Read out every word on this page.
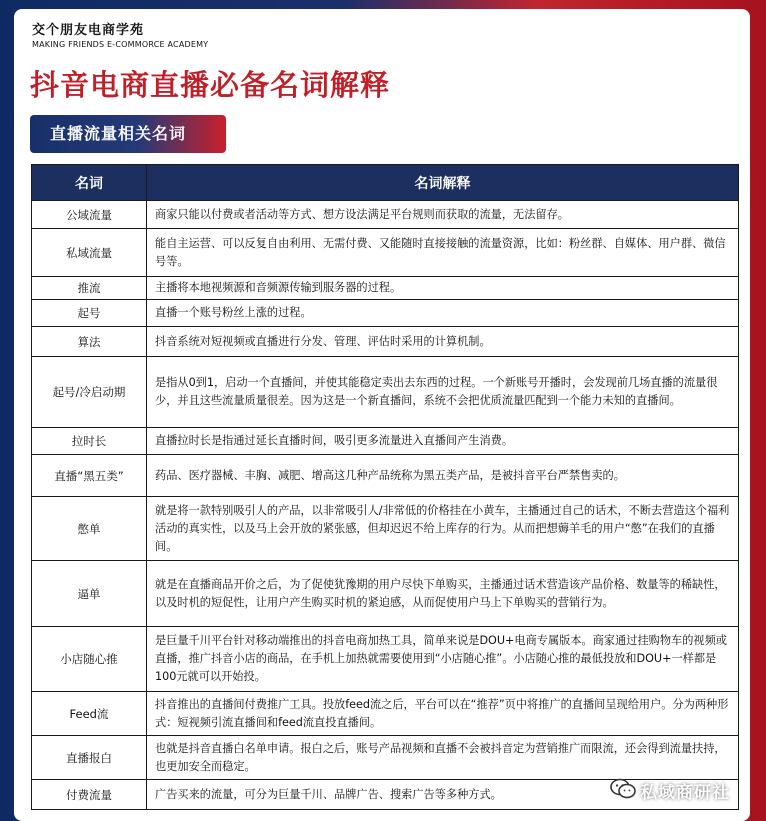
交个朋友电商学苑
MAKING FRIENDS E-COMMORCE ACADEMY
抖音电商直播必备名词解释
直播流量相关名词
名词	名词解释
公域流量	商家只能以付费或者活动等方式、想方设法满足平台规则而获取的流量，无法留存。
私域流量	能自主运营、可以反复自由利用、无需付费、又能随时直接接触的流量资源，比如：粉丝群、自媒体、用户群、微信号等。
推流	主播将本地视频源和音频源传输到服务器的过程。
起号	直播一个账号粉丝上涨的过程。
算法	抖音系统对短视频或直播进行分发、管理、评估时采用的计算机制。
起号/冷启动期	是指从0到1，启动一个直播间，并使其能稳定卖出去东西的过程。一个新账号开播时，会发现前几场直播的流量很少，并且这些流量质量很差。因为这是一个新直播间，系统不会把优质流量匹配到一个能力未知的直播间。
拉时长	直播拉时长是指通过延长直播时间，吸引更多流量进入直播间产生消费。
直播“黑五类”	药品、医疗器械、丰胸、减肥、增高这几种产品统称为黑五类产品，是被抖音平台严禁售卖的。
憋单	就是将一款特别吸引人的产品，以非常吸引人/非常低的价格挂在小黄车，主播通过自己的话术，不断去营造这个福利活动的真实性，以及马上会开放的紧张感，但却迟迟不给上库存的行为。从而把想薅羊毛的用户“憋”在我们的直播间。
逼单	就是在直播商品开价之后，为了促使犹豫期的用户尽快下单购买，主播通过话术营造该产品价格、数量等的稀缺性，以及时机的短促性，让用户产生购买时机的紧迫感，从而促使用户马上下单购买的营销行为。
小店随心推	是巨量千川平台针对移动端推出的抖音电商加热工具，简单来说是DOU+电商专属版本。商家通过挂购物车的视频或直播，推广抖音小店的商品，在手机上加热就需要使用到“小店随心推”。小店随心推的最低投放和DOU+一样都是100元就可以开始投。
Feed流	抖音推出的直播间付费推广工具。投放feed流之后，平台可以在“推荐”页中将推广的直播间呈现给用户。分为两种形式：短视频引流直播间和feed流直投直播间。
直播报白	也就是抖音直播白名单申请。报白之后，账号产品视频和直播不会被抖音定为营销推广而限流，还会得到流量扶持，也更加安全而稳定。
付费流量	广告买来的流量，可分为巨量千川、品牌广告、搜索广告等多种方式。	私域商研社
